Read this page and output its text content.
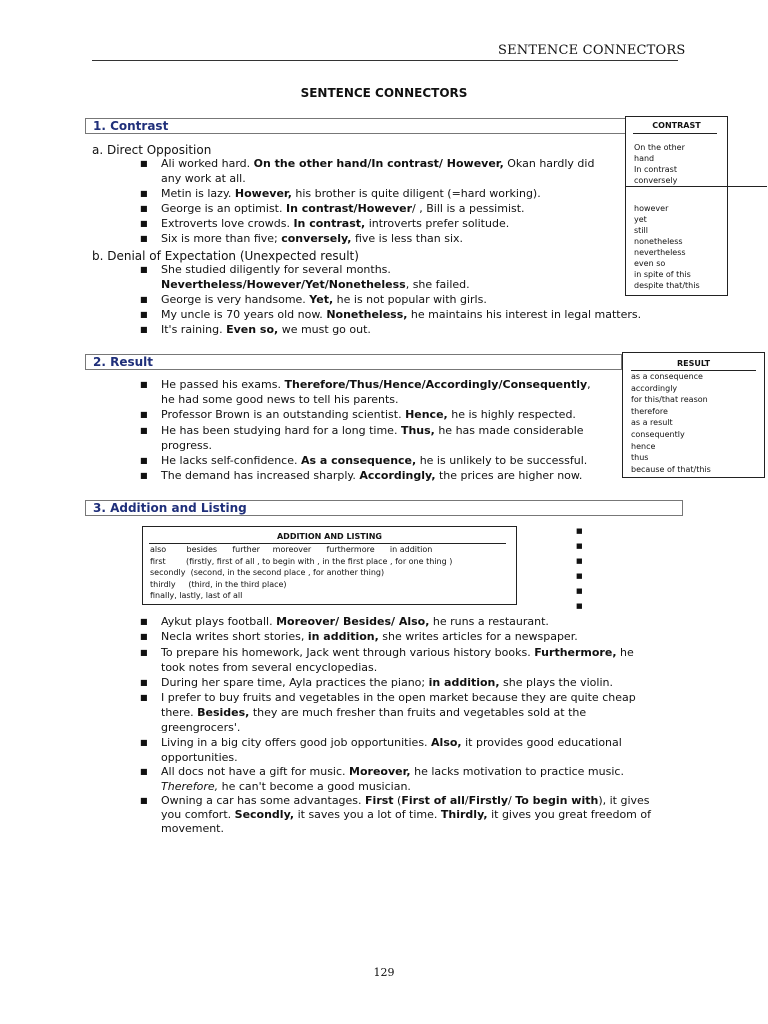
SENTENCE CONNECTORS
SENTENCE CONNECTORS
1. Contrast
a. Direct Opposition
■ Ali worked hard. On the other hand/In contrast/ However, Okan hardly did
any work at all.
■ Metin is lazy. However, his brother is quite diligent (=hard working).
■ George is an optimist. In contrast/However/ , Bill is a pessimist.
■ Extroverts love crowds. In contrast, introverts prefer solitude.
■ Six is more than five; conversely, five is less than six.
■ She studied diligently for several months.
Nevertheless/However/Yet/Nonetheless, she failed.
■ George is very handsome. Yet, he is not popular with girls.
■ My uncle is 70 years old now. Nonetheless, he maintains his interest in legal matters.
■ It's raining. Even so, we must go out.
b. Denial of Expectation (Unexpected result)
CONTRAST
On the other
hand
In contrast
conversely
however
yet
still
nonetheless
nevertheless
even so
in spite of this
despite that/this
2. Result
■ He passed his exams. Therefore/Thus/Hence/Accordingly/Consequently,
he had some good news to tell his parents.
■ Professor Brown is an outstanding scientist. Hence, he is highly respected.
■ He has been studying hard for a long time. Thus, he has made considerable
progress.
■ He lacks self-confidence. As a consequence, he is unlikely to be successful.
■ The demand has increased sharply. Accordingly, the prices are higher now.
RESULT
as a consequence
accordingly
for this/that reason
therefore
as a result
consequently
hence
thus
because of that/this
3. Addition and Listing
ADDITION AND LISTING
also        besides      further     moreover      furthermore      in addition
first        (firstly, first of all , to begin with , in the first place , for one thing )
secondly  (second, in the second place , for another thing)
thirdly     (third, in the third place)
finally, lastly, last of all
■
■
■
■
■
■
■ Aykut plays football. Moreover/ Besides/ Also, he runs a restaurant.
■ Necla writes short stories, in addition, she writes articles for a newspaper.
■ To prepare his homework, Jack went through various history books. Furthermore, he
took notes from several encyclopedias.
■ During her spare time, Ayla practices the piano; in addition, she plays the violin.
■ I prefer to buy fruits and vegetables in the open market because they are quite cheap
there. Besides, they are much fresher than fruits and vegetables sold at the
greengrocers'.
■ Living in a big city offers good job opportunities. Also, it provides good educational
opportunities.
■ All docs not have a gift for music. Moreover, he lacks motivation to practice music.
Therefore, he can't become a good musician.
■ Owning a car has some advantages. First (First of all/Firstly/ To begin with), it gives
you comfort. Secondly, it saves you a lot of time. Thirdly, it gives you great freedom of
movement.
129
